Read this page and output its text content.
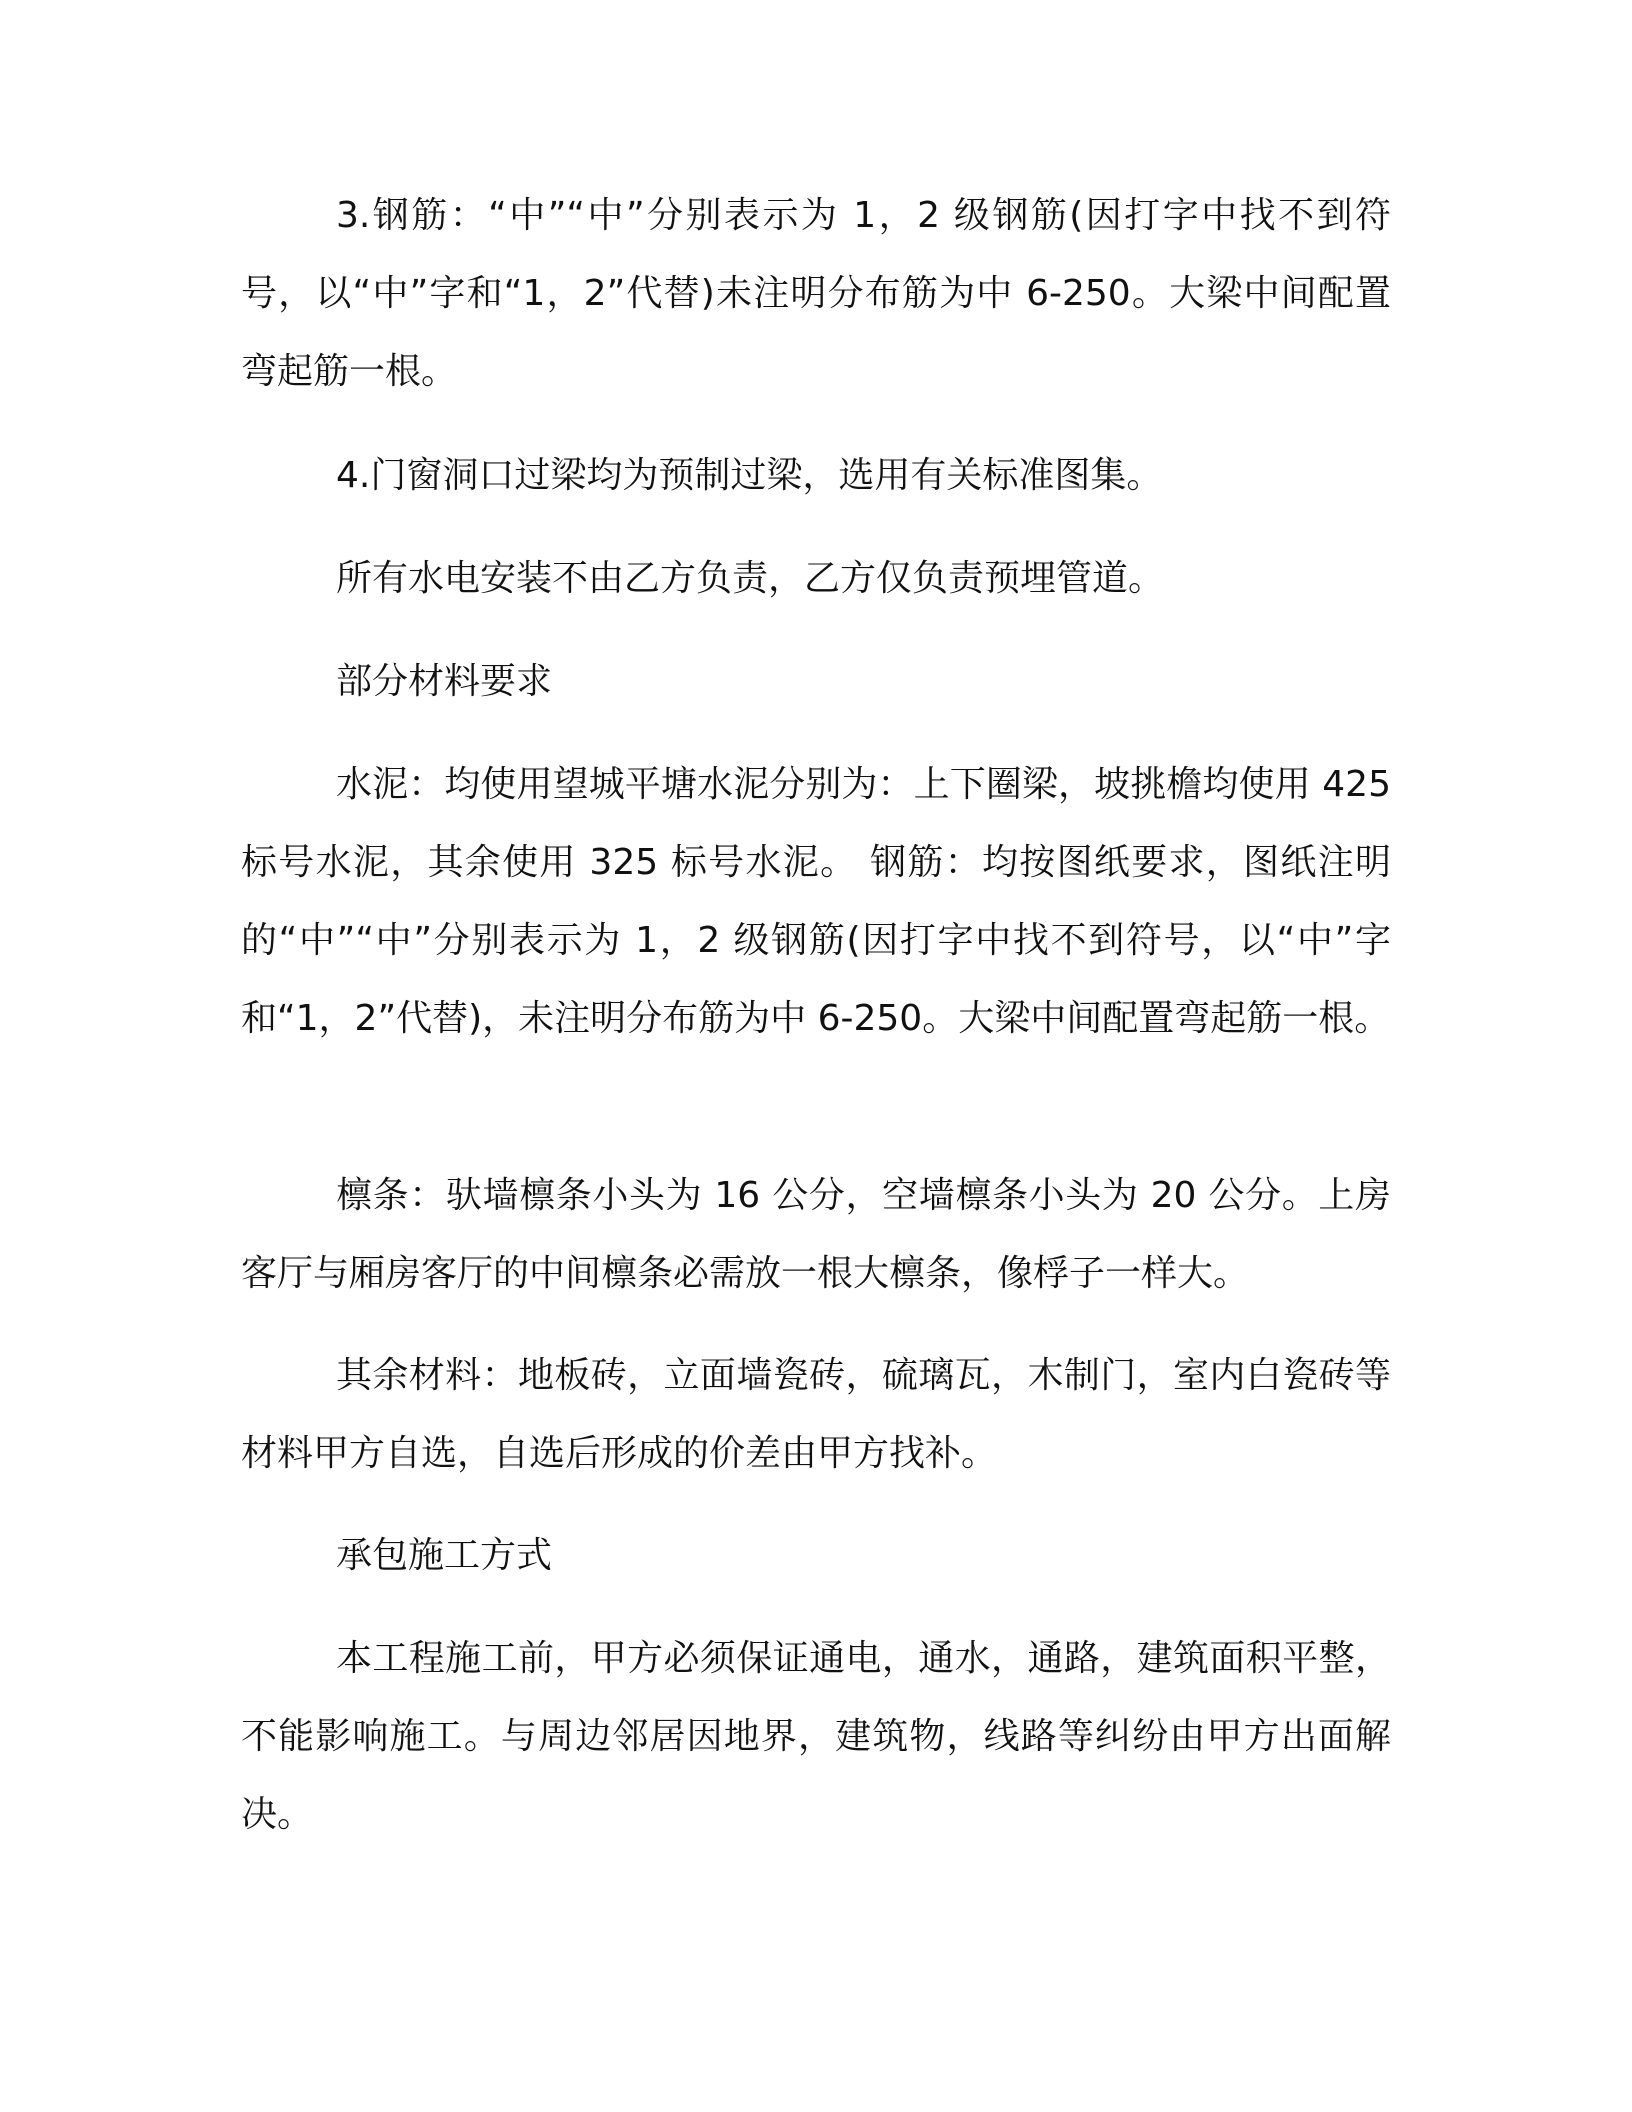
3.钢筋：“中”“中”分别表示为 1，2 级钢筋(因打字中找不到符号，以“中”字和“1，2”代替)未注明分布筋为中 6-250。大梁中间配置弯起筋一根。

4.门窗洞口过梁均为预制过梁，选用有关标准图集。

所有水电安装不由乙方负责，乙方仅负责预埋管道。

部分材料要求

水泥：均使用望城平塘水泥分别为：上下圈梁，坡挑檐均使用 425 标号水泥，其余使用 325 标号水泥。 钢筋：均按图纸要求，图纸注明的“中”“中”分别表示为 1，2 级钢筋(因打字中找不到符号，以“中”字和“1，2”代替)，未注明分布筋为中 6-250。大梁中间配置弯起筋一根。

檩条：驮墙檩条小头为 16 公分，空墙檩条小头为 20 公分。上房客厅与厢房客厅的中间檩条必需放一根大檩条，像桴子一样大。

其余材料：地板砖，立面墙瓷砖，硫璃瓦，木制门，室内白瓷砖等材料甲方自选，自选后形成的价差由甲方找补。

承包施工方式

本工程施工前，甲方必须保证通电，通水，通路，建筑面积平整，不能影响施工。与周边邻居因地界，建筑物，线路等纠纷由甲方出面解决。
